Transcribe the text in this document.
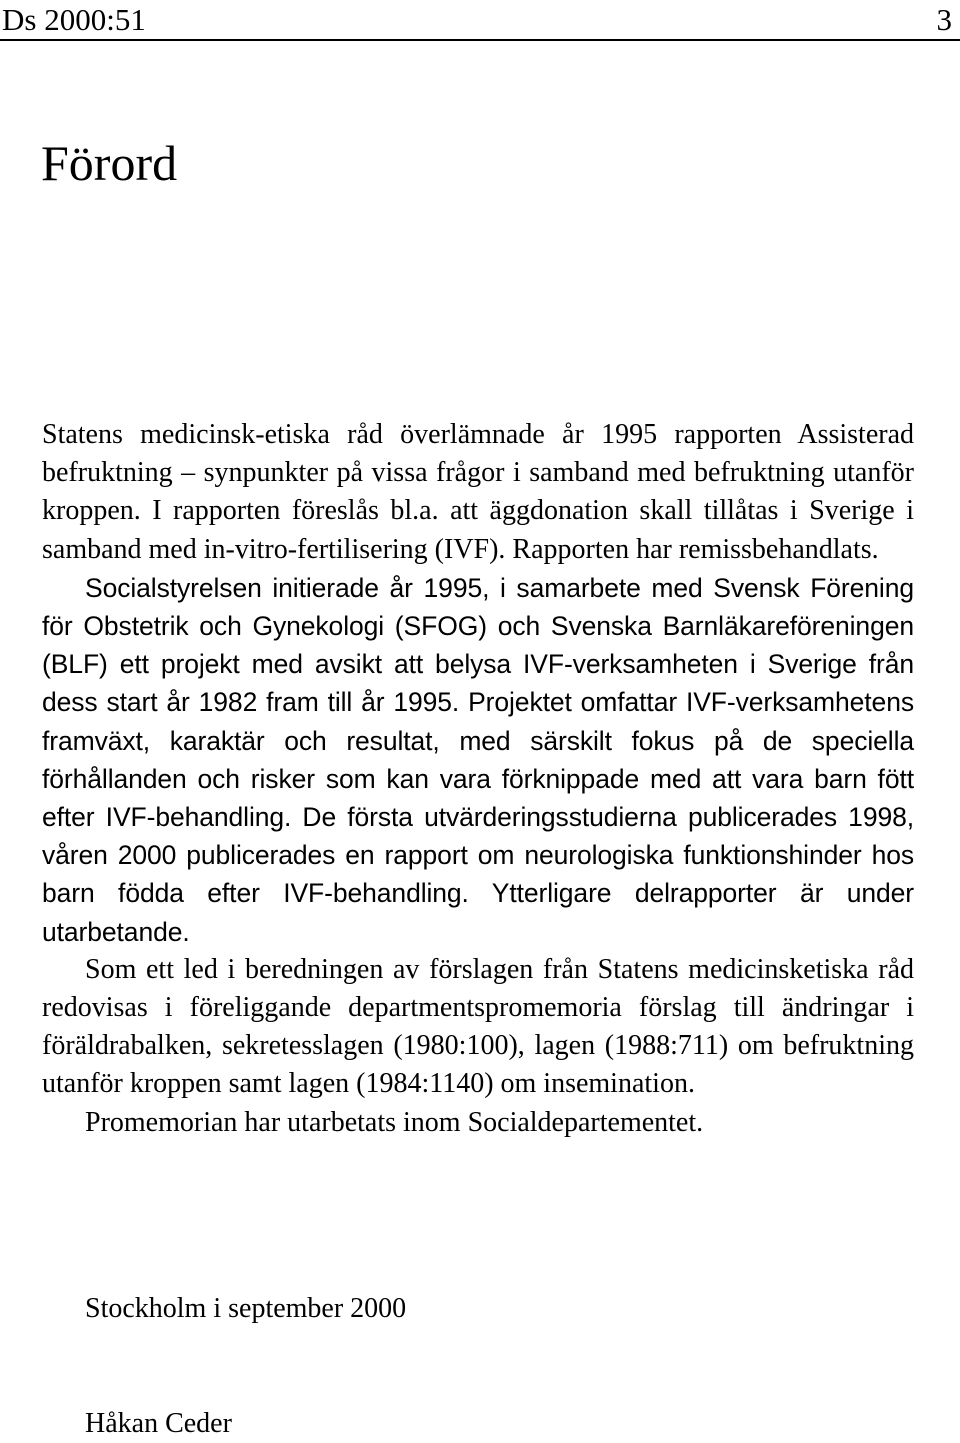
Ds 2000:51	3
Förord

Statens medicinsk-etiska råd överlämnade år 1995 rapporten Assisterad befruktning – synpunkter på vissa frågor i samband med befruktning utanför kroppen. I rapporten föreslås bl.a. att äggdonation skall tillåtas i Sverige i samband med in-vitro-fertilisering (IVF). Rapporten har remissbehandlats.

Socialstyrelsen initierade år 1995, i samarbete med Svensk Förening för Obstetrik och Gynekologi (SFOG) och Svenska Barnläkareföreningen (BLF) ett projekt med avsikt att belysa IVF-verksamheten i Sverige från dess start år 1982 fram till år 1995. Projektet omfattar IVF-verksamhetens framväxt, karaktär och resultat, med särskilt fokus på de speciella förhållanden och risker som kan vara förknippade med att vara barn fött efter IVF-behandling. De första utvärderingsstudierna publicerades 1998, våren 2000 publicerades en rapport om neurologiska funktionshinder hos barn födda efter IVF-behandling. Ytterligare delrapporter är under utarbetande.

Som ett led i beredningen av förslagen från Statens medicinsketiska råd redovisas i föreliggande departmentspromemoria förslag till ändringar i föräldrabalken, sekretesslagen (1980:100), lagen (1988:711) om befruktning utanför kroppen samt lagen (1984:1140) om insemination.

Promemorian har utarbetats inom Socialdepartementet.

Stockholm i september 2000
Håkan Ceder
